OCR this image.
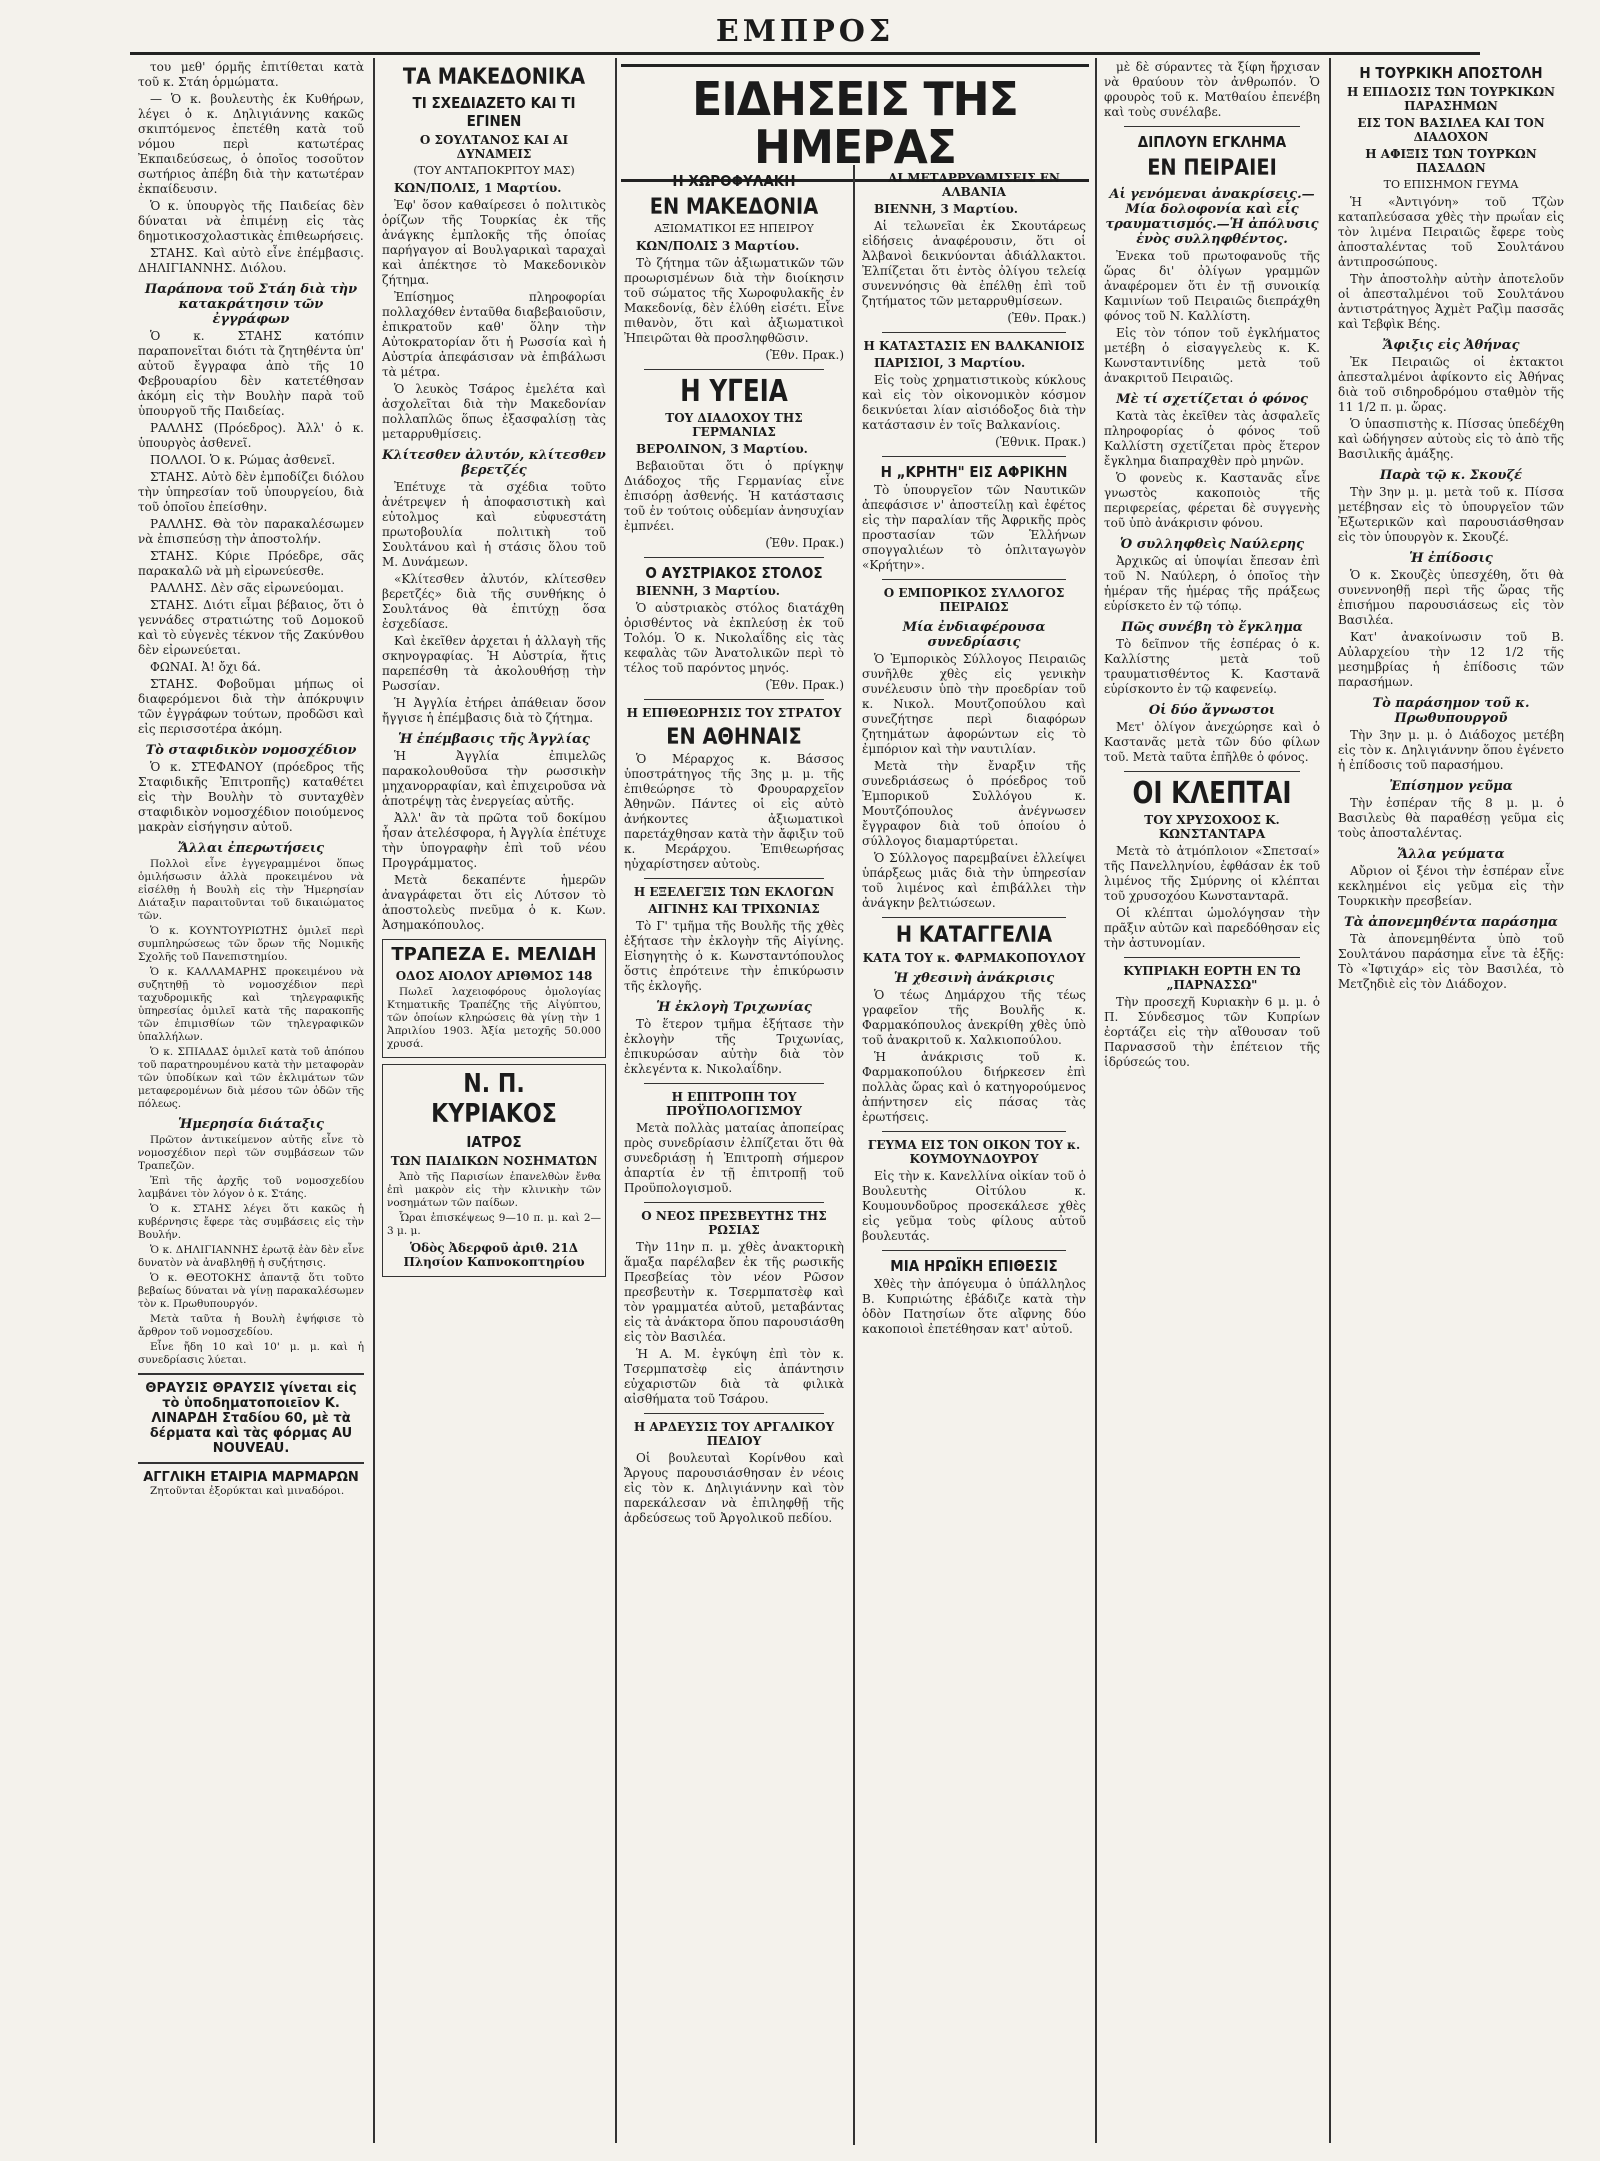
ΕΜΠΡΟΣ
του μεθ' όρμῆς ἐπιτίθεται κατὰ τοῦ κ. Στάη ὁρμώματα.
— Ὁ κ. βουλευτὴς ἐκ Κυθήρων, λέγει ὁ κ. Δηλιγιάννης κακῶς σκιπτόμενος ἐπετέθη κατὰ τοῦ νόμου περὶ κατωτέρας Ἐκπαιδεύσεως, ὁ ὁποῖος τοσοῦτον σωτήριος ἀπέβη διὰ τὴν κατωτέραν ἐκπαίδευσιν.
Ὁ κ. ὑπουργὸς τῆς Παιδείας δὲν δύναται νὰ ἐπιμένῃ εἰς τὰς δημοτικοσχολαστικὰς ἐπιθεωρήσεις.
ΣΤΑΗΣ. Καὶ αὐτὸ εἶνε ἐπέμβασις. ΔΗΛΙΓΙΑΝΝΗΣ. Διόλου.
Παράπονα τοῦ Στάη διὰ τὴν κατακράτησιν τῶν ἐγγράφων
Ὁ κ. ΣΤΑΗΣ κατόπιν παραπονεῖται διότι τὰ ζητηθέντα ὑπ' αὐτοῦ ἔγγραφα ἀπὸ τῆς 10 Φεβρουαρίου δὲν κατετέθησαν ἀκόμη εἰς τὴν Βουλὴν παρὰ τοῦ ὑπουργοῦ τῆς Παιδείας.
ΡΑΛΛΗΣ (Πρόεδρος). Ἀλλ' ὁ κ. ὑπουργὸς ἀσθενεῖ.
ΠΟΛΛΟΙ. Ὁ κ. Ρώμας ἀσθενεῖ.
ΣΤΑΗΣ. Αὐτὸ δὲν ἐμποδίζει διόλου τὴν ὑπηρεσίαν τοῦ ὑπουργείου, διὰ τοῦ ὁποῖου ἐπείσθην.
ΡΑΛΛΗΣ. Θὰ τὸν παρακαλέσωμεν νὰ ἐπισπεύσῃ τὴν ἀποστολήν.
ΣΤΑΗΣ. Κύριε Πρόεδρε, σᾶς παρακαλῶ νὰ μὴ εἰρωνεύεσθε.
ΡΑΛΛΗΣ. Δὲν σᾶς εἰρωνεύομαι.
ΣΤΑΗΣ. Διότι εἶμαι βέβαιος, ὅτι ὁ γεννάδες στρατιώτης τοῦ Δομοκοῦ καὶ τὸ εὐγενὲς τέκνον τῆς Ζακύνθου δὲν εἰρωνεύεται.
ΦΩΝΑΙ. Ἀ! ὄχι δά.
ΣΤΑΗΣ. Φοβοῦμαι μήπως οἱ διαφερόμενοι διὰ τὴν ἀπόκρυψιν τῶν ἐγγράφων τούτων, προδῶσι καὶ εἰς περισσοτέρα ἀκόμη.
Τὸ σταφιδικὸν νομοσχέδιον
Ὁ κ. ΣΤΕΦΑΝΟΥ (πρόεδρος τῆς Σταφιδικῆς Ἐπιτροπῆς) καταθέτει εἰς τὴν Βουλὴν τὸ συνταχθὲν σταφιδικὸν νομοσχέδιον ποιούμενος μακρὰν εἰσήγησιν αὐτοῦ.
Ἄλλαι ἐπερωτήσεις
Πολλοὶ εἶνε ἐγγεγραμμένοι ὅπως ὁμιλήσωσιν ἀλλὰ προκειμένου νὰ εἰσέλθῃ ἡ Βουλὴ εἰς τὴν Ἡμερησίαν Διάταξιν παραιτοῦνται τοῦ δικαιώματος τῶν.
Ὁ κ. ΚΟΥΝΤΟΥΡΙΩΤΗΣ ὁμιλεῖ περὶ συμπληρώσεως τῶν ὅρων τῆς Νομικῆς Σχολῆς τοῦ Πανεπιστημίου.
Ὁ κ. ΚΑΛΛΑΜΑΡΗΣ προκειμένου νὰ συζητηθῇ τὸ νομοσχέδιον περὶ ταχυδρομικῆς καὶ τηλεγραφικῆς ὑπηρεσίας ὁμιλεῖ κατὰ τῆς παρακοπῆς τῶν ἐπιμισθίων τῶν τηλεγραφικῶν ὑπαλλήλων.
Ὁ κ. ΣΠΙΑΔΑΣ ὁμιλεῖ κατὰ τοῦ ἀπόπου τοῦ παρατηρουμένου κατὰ τὴν μεταφορὰν τῶν ὑποδίκων καὶ τῶν ἐκλιμάτων τῶν μεταφερομένων διὰ μέσου τῶν ὁδῶν τῆς πόλεως.
Ἡμερησία διάταξις
Πρῶτον ἀντικείμενον αὐτῆς εἶνε τὸ νομοσχέδιον περὶ τῶν συμβάσεων τῶν Τραπεζῶν.
Ἐπὶ τῆς ἀρχῆς τοῦ νομοσχεδίου λαμβάνει τὸν λόγον ὁ κ. Στάης.
Ὁ κ. ΣΤΑΗΣ λέγει ὅτι κακῶς ἡ κυβέρνησις ἔφερε τὰς συμβάσεις εἰς τὴν Βουλήν.
Ὁ κ. ΔΗΛΙΓΙΑΝΝΗΣ ἐρωτᾷ ἐὰν δὲν εἶνε δυνατὸν νὰ ἀναβληθῇ ἡ συζήτησις.
Ὁ κ. ΘΕΟΤΟΚΗΣ ἀπαντᾷ ὅτι τοῦτο βεβαίως δύναται νὰ γίνῃ παρακαλέσωμεν τὸν κ. Πρωθυπουργόν.
Μετὰ ταῦτα ἡ Βουλὴ ἐψήφισε τὸ ἄρθρον τοῦ νομοσχεδίου.
Εἶνε ἤδη 10 καὶ 10' μ. μ. καὶ ἡ συνεδρίασις λύεται.
ΘΡΑΥΣΙΣ ΘΡΑΥΣΙΣ γίνεται εἰς τὸ ὑποδηματοποιεῖον Κ. ΛΙΝΑΡΔΗ Σταδίου 60, μὲ τὰ δέρματα καὶ τὰς φόρμας AU NOUVEAU.
ΑΓΓΛΙΚΗ ΕΤΑΙΡΙΑ ΜΑΡΜΑΡΩΝ
Ζητοῦνται ἐξορύκται καὶ μιναδόροι.
ΤΑ ΜΑΚΕΔΟΝΙΚΑ
ΤΙ ΣΧΕΔΙΑΖΕΤΟ ΚΑΙ ΤΙ ΕΓΙΝΕΝ
Ο ΣΟΥΛΤΑΝΟΣ ΚΑΙ ΑΙ ΔΥΝΑΜΕΙΣ
(ΤΟΥ ΑΝΤΑΠΟΚΡΙΤΟΥ ΜΑΣ)
ΚΩΝ/ΠΟΛΙΣ, 1 Μαρτίου.
Ἐφ' ὅσον καθαίρεσει ὁ πολιτικὸς ὁρίζων τῆς Τουρκίας ἐκ τῆς ἀνάγκης ἐμπλοκῆς τῆς ὁποίας παρήγαγον αἱ Βουλγαρικαὶ ταραχαὶ καὶ ἀπέκτησε τὸ Μακεδονικὸν ζήτημα.
Ἐπίσημος πληροφορίαι πολλαχόθεν ἐνταῦθα διαβεβαιοῦσιν, ἐπικρατοῦν καθ' ὅλην τὴν Αὐτοκρατορίαν ὅτι ἡ Ρωσσία καὶ ἡ Αὐστρία ἀπεφάσισαν νὰ ἐπιβάλωσι τὰ μέτρα.
Ὁ λευκὸς Τσάρος ἐμελέτα καὶ ἀσχολεῖται διὰ τὴν Μακεδονίαν πολλαπλῶς ὅπως ἐξασφαλίσῃ τὰς μεταρρυθμίσεις.
Κλίτεσθεν ἀλυτόν, κλίτεσθεν βερετζές
Ἐπέτυχε τὰ σχέδια τοῦτο ἀνέτρεψεν ἡ ἀποφασιστικὴ καὶ εὐτολμος καὶ εὐφυεστάτη πρωτοβουλία πολιτικὴ τοῦ Σουλτάνου καὶ ἡ στάσις ὅλου τοῦ Μ. Δυνάμεων.
«Κλίτεσθεν ἀλυτόν, κλίτεσθεν βερετζές» διὰ τῆς συνθήκης ὁ Σουλτάνος θὰ ἐπιτύχῃ ὅσα ἐσχεδίασε.
Καὶ ἐκεῖθεν ἀρχεται ἡ ἀλλαγὴ τῆς σκηνογραφίας. Ἡ Αὐστρία, ἥτις παρεπέσθη τὰ ἀκολουθήσῃ τὴν Ρωσσίαν.
Ἡ Ἀγγλία ἐτήρει ἀπάθειαν ὅσον ἤγγισε ἡ ἐπέμβασις διὰ τὸ ζήτημα.
Ἡ ἐπέμβασις τῆς Ἀγγλίας
Ἡ Ἀγγλία ἐπιμελῶς παρακολουθοῦσα τὴν ρωσσικὴν μηχανορραφίαν, καὶ ἐπιχειροῦσα νὰ ἀποτρέψῃ τὰς ἐνεργείας αὐτῆς.
Ἀλλ' ἂν τὰ πρῶτα τοῦ δοκίμου ἦσαν ἀτελέσφορα, ἡ Ἀγγλία ἐπέτυχε τὴν ὑπογραφὴν ἐπὶ τοῦ νέου Προγράμματος.
Μετὰ δεκαπέντε ἡμερῶν ἀναγράφεται ὅτι εἰς Λύτσον τὸ ἀποστολεὺς πνεῦμα ὁ κ. Κων. Ἀσημακόπουλος.
ΤΡΑΠΕΖΑ Ε. ΜΕΛΙΔΗ
ΟΔΟΣ ΑΙΟΛΟΥ ΑΡΙΘΜΟΣ 148
Πωλεῖ λαχειοφόρους ὁμολογίας Κτηματικῆς Τραπέζης τῆς Αἰγύπτου, τῶν ὁποίων κληρώσεις θὰ γίνῃ τὴν 1 Ἀπριλίου 1903. Ἀξία μετοχῆς 50.000 χρυσά.
Ν. Π. ΚΥΡΙΑΚΟΣ
ΙΑΤΡΟΣ
ΤΩΝ ΠΑΙΔΙΚΩΝ ΝΟΣΗΜΑΤΩΝ
Ἀπὸ τῆς Παρισίων ἐπανελθὼν ἔνθα ἐπὶ μακρὸν εἰς τὴν κλινικὴν τῶν νοσημάτων τῶν παίδων.
Ὧραι ἐπισκέψεως 9—10 π. μ. καὶ 2—3 μ. μ.
Ὁδὸς Ἀδερφοῦ ἀριθ. 21Δ Πλησίον Καπνοκοπτηρίου
ΕΙΔΗΣΕΙΣ ΤΗΣ ΗΜΕΡΑΣ
Η ΧΩΡΟΦΥΛΑΚΗ
ΕΝ ΜΑΚΕΔΟΝΙΑ
ΑΞΙΩΜΑΤΙΚΟΙ ΕΞ ΗΠΕΙΡΟΥ
ΚΩΝ/ΠΟΛΙΣ 3 Μαρτίου.
Τὸ ζήτημα τῶν ἀξιωματικῶν τῶν προωρισμένων διὰ τὴν διοίκησιν τοῦ σώματος τῆς Χωροφυλακῆς ἐν Μακεδονίᾳ, δὲν ἐλύθη εἰσέτι. Εἶνε πιθανὸν, ὅτι καὶ ἀξιωματικοὶ Ἠπειρῶται θὰ προσληφθῶσιν.
(Ἐθν. Πρακ.)
Η ΥΓΕΙΑ
ΤΟΥ ΔΙΑΔΟΧΟΥ ΤΗΣ ΓΕΡΜΑΝΙΑΣ
ΒΕΡΟΛΙΝΟΝ, 3 Μαρτίου.
Βεβαιοῦται ὅτι ὁ πρίγκηψ Διάδοχος τῆς Γερμανίας εἶνε ἐπισόρῃ ἀσθενής. Ἡ κατάστασις τοῦ ἐν τούτοις οὐδεμίαν ἀνησυχίαν ἐμπνέει.
(Ἐθν. Πρακ.)
Ο ΑΥΣΤΡΙΑΚΟΣ ΣΤΟΛΟΣ
ΒΙΕΝΝΗ, 3 Μαρτίου.
Ὁ αὐστριακὸς στόλος διατάχθη ὀρισθέντος νὰ ἐκπλεύσῃ ἐκ τοῦ Τολόμ. Ὁ κ. Νικολαΐδης εἰς τὰς κεφαλὰς τῶν Ἀνατολικῶν περὶ τὸ τέλος τοῦ παρόντος μηνός.
(Ἐθν. Πρακ.)
Η ΕΠΙΘΕΩΡΗΣΙΣ ΤΟΥ ΣΤΡΑΤΟΥ
ΕΝ ΑΘΗΝΑΙΣ
Ὁ Μέραρχος κ. Βάσσος ὑποστράτηγος τῆς 3ης μ. μ. τῆς ἐπιθεώρησε τὸ Φρουραρχεῖον Ἀθηνῶν. Πάντες οἱ εἰς αὐτὸ ἀνήκοντες ἀξιωματικοὶ παρετάχθησαν κατὰ τὴν ἄφιξιν τοῦ κ. Μεράρχου. Ἐπιθεωρήσας ηὐχαρίστησεν αὐτοὺς.
Η ΕΞΕΛΕΓΞΙΣ ΤΩΝ ΕΚΛΟΓΩΝ
ΑΙΓΙΝΗΣ ΚΑΙ ΤΡΙΧΩΝΙΑΣ
Τὸ Γ' τμῆμα τῆς Βουλῆς τῆς χθὲς ἐξήτασε τὴν ἐκλογὴν τῆς Αἰγίνης. Εἰσηγητὴς ὁ κ. Κωνσταντόπουλος ὅστις ἐπρότεινε τὴν ἐπικύρωσιν τῆς ἐκλογῆς.
Ἡ ἐκλογὴ Τριχωνίας
Τὸ ἕτερον τμῆμα ἐξήτασε τὴν ἐκλογὴν τῆς Τριχωνίας, ἐπικυρώσαν αὐτὴν διὰ τὸν ἐκλεγέντα κ. Νικολαΐδην.
Η ΕΠΙΤΡΟΠΗ ΤΟΥ ΠΡΟΫΠΟΛΟΓΙΣΜΟΥ
Μετὰ πολλὰς ματαίας ἀποπείρας πρὸς συνεδρίασιν ἐλπίζεται ὅτι θὰ συνεδριάσῃ ἡ Ἐπιτροπὴ σήμερον ἀπαρτία ἐν τῇ ἐπιτροπῇ τοῦ Προϋπολογισμοῦ.
Ο ΝΕΟΣ ΠΡΕΣΒΕΥΤΗΣ ΤΗΣ ΡΩΣΙΑΣ
Τὴν 11ην π. μ. χθὲς ἀνακτορικὴ ἅμαξα παρέλαβεν ἐκ τῆς ρωσικῆς Πρεσβείας τὸν νέον Ρῶσον πρεσβευτὴν κ. Τσερμπατσὲφ καὶ τὸν γραμματέα αὐτοῦ, μεταβάντας εἰς τὰ ἀνάκτορα ὅπου παρουσιάσθη εἰς τὸν Βασιλέα.
Ἡ Α. Μ. ἐγκύψη ἐπὶ τὸν κ. Τσερμπατσὲφ εἰς ἀπάντησιν εὐχαριστῶν διὰ τὰ φιλικὰ αἰσθήματα τοῦ Τσάρου.
Η ΑΡΔΕΥΣΙΣ ΤΟΥ ΑΡΓΑΛΙΚΟΥ ΠΕΔΙΟΥ
Οἱ βουλευταὶ Κορίνθου καὶ Ἄργους παρουσιάσθησαν ἐν νέοις εἰς τὸν κ. Δηλιγιάννην καὶ τὸν παρεκάλεσαν νὰ ἐπιληφθῇ τῆς ἀρδεύσεως τοῦ Ἀργολικοῦ πεδίου.
ΑΙ ΜΕΤΑΡΡΥΘΜΙΣΕΙΣ ΕΝ ΑΛΒΑΝΙΑ
ΒΙΕΝΝΗ, 3 Μαρτίου.
Αἱ τελωνεῖαι ἐκ Σκουτάρεως εἰδήσεις ἀναφέρουσιν, ὅτι οἱ Ἀλβανοὶ δεικνύονται ἀδιάλλακτοι. Ἐλπίζεται ὅτι ἐντὸς ὀλίγου τελείᾳ συνεννόησις θὰ ἐπέλθῃ ἐπὶ τοῦ ζητήματος τῶν μεταρρυθμίσεων.
(Ἐθν. Πρακ.)
Η ΚΑΤΑΣΤΑΣΙΣ ΕΝ ΒΑΛΚΑΝΙΟΙΣ
ΠΑΡΙΣΙΟΙ, 3 Μαρτίου.
Εἰς τοὺς χρηματιστικοὺς κύκλους καὶ εἰς τὸν οἰκονομικὸν κόσμον δεικνύεται λίαν αἰσιόδοξος διὰ τὴν κατάστασιν ἐν τοῖς Βαλκανίοις.
(Ἐθνικ. Πρακ.)
Η „ΚΡΗΤΗ" ΕΙΣ ΑΦΡΙΚΗΝ
Τὸ ὑπουργεῖον τῶν Ναυτικῶν ἀπεφάσισε ν' ἀποστείλῃ καὶ ἐφέτος εἰς τὴν παραλίαν τῆς Ἀφρικῆς πρὸς προστασίαν τῶν Ἑλλήνων σπογγαλιέων τὸ ὁπλιταγωγὸν «Κρήτην».
Ο ΕΜΠΟΡΙΚΟΣ ΣΥΛΛΟΓΟΣ ΠΕΙΡΑΙΩΣ
Μία ἐνδιαφέρουσα συνεδρίασις
Ὁ Ἐμπορικὸς Σύλλογος Πειραιῶς συνῆλθε χθὲς εἰς γενικὴν συνέλευσιν ὑπὸ τὴν προεδρίαν τοῦ κ. Νικολ. Μουτζοπούλου καὶ συνεζήτησε περὶ διαφόρων ζητημάτων ἀφορώντων εἰς τὸ ἐμπόριον καὶ τὴν ναυτιλίαν.
Μετὰ τὴν ἔναρξιν τῆς συνεδριάσεως ὁ πρόεδρος τοῦ Ἐμπορικοῦ Συλλόγου κ. Μουτζόπουλος ἀνέγνωσεν ἔγγραφον διὰ τοῦ ὁποίου ὁ σύλλογος διαμαρτύρεται.
Ὁ Σύλλογος παρεμβαίνει ἐλλείψει ὑπάρξεως μιᾶς διὰ τὴν ὑπηρεσίαν τοῦ λιμένος καὶ ἐπιβάλλει τὴν ἀνάγκην βελτιώσεων.
Η ΚΑΤΑΓΓΕΛΙΑ
ΚΑΤΑ ΤΟΥ κ. ΦΑΡΜΑΚΟΠΟΥΛΟΥ
Ἡ χθεσινὴ ἀνάκρισις
Ὁ τέως Δημάρχου τῆς τέως γραφεῖον τῆς Βουλῆς κ. Φαρμακόπουλος ἀνεκρίθη χθὲς ὑπὸ τοῦ ἀνακριτοῦ κ. Χαλκιοπούλου.
Ἡ ἀνάκρισις τοῦ κ. Φαρμακοπούλου διήρκεσεν ἐπὶ πολλὰς ὥρας καὶ ὁ κατηγορούμενος ἀπήντησεν εἰς πάσας τὰς ἐρωτήσεις.
ΓΕΥΜΑ ΕΙΣ ΤΟΝ ΟΙΚΟΝ ΤΟΥ κ. ΚΟΥΜΟΥΝΔΟΥΡΟΥ
Εἰς τὴν κ. Κανελλίνα οἰκίαν τοῦ ὁ Βουλευτὴς Οἰτύλου κ. Κουμουνδοῦρος προσεκάλεσε χθὲς εἰς γεῦμα τοὺς φίλους αὐτοῦ βουλευτάς.
ΜΙΑ ΗΡΩΪΚΗ ΕΠΙΘΕΣΙΣ
Χθὲς τὴν ἀπόγευμα ὁ ὑπάλληλος Β. Κυπριώτης ἐβάδιζε κατὰ τὴν ὁδὸν Πατησίων ὅτε αἴφνης δύο κακοποιοὶ ἐπετέθησαν κατ' αὐτοῦ.
μὲ δὲ σύραντες τὰ ξίφη ἤρχισαν νὰ θραύουν τὸν ἀνθρωπόν. Ὁ φρουρὸς τοῦ κ. Ματθαίου ἐπενέβη καὶ τοὺς συνέλαβε.
ΔΙΠΛΟΥΝ ΕΓΚΛΗΜΑ
ΕΝ ΠΕΙΡΑΙΕΙ
Αἱ γενόμεναι ἀνακρίσεις.—Μία δολοφονία καὶ εἷς τραυματισμός.—Ἡ ἀπόλυσις ἑνὸς συλληφθέντος.
Ἐνεκα τοῦ πρωτοφανοῦς τῆς ὥρας δι' ὀλίγων γραμμῶν ἀναφέρομεν ὅτι ἐν τῇ συνοικίᾳ Καμινίων τοῦ Πειραιῶς διεπράχθη φόνος τοῦ Ν. Καλλίστη.
Εἰς τὸν τόπον τοῦ ἐγκλήματος μετέβη ὁ εἰσαγγελεὺς κ. Κ. Κωνσταντινίδης μετὰ τοῦ ἀνακριτοῦ Πειραιῶς.
Μὲ τί σχετίζεται ὁ φόνος
Κατὰ τὰς ἐκεῖθεν τὰς ἀσφαλεῖς πληροφορίας ὁ φόνος τοῦ Καλλίστη σχετίζεται πρὸς ἕτερον ἔγκλημα διαπραχθὲν πρὸ μηνῶν.
Ὁ φονεὺς κ. Καστανᾶς εἶνε γνωστὸς κακοποιὸς τῆς περιφερείας, φέρεται δὲ συγγενὴς τοῦ ὑπὸ ἀνάκρισιν φόνου.
Ὁ συλληφθεὶς Ναύλερης
Ἀρχικῶς αἱ ὑποψίαι ἔπεσαν ἐπὶ τοῦ Ν. Ναύλερη, ὁ ὁποῖος τὴν ἡμέραν τῆς ἡμέρας τῆς πράξεως εὑρίσκετο ἐν τῷ τόπῳ.
Πῶς συνέβη τὸ ἔγκλημα
Τὸ δεῖπνον τῆς ἑσπέρας ὁ κ. Καλλίστης μετὰ τοῦ τραυματισθέντος Κ. Καστανᾶ εὑρίσκοντο ἐν τῷ καφενείῳ.
Οἱ δύο ἄγνωστοι
Μετ' ὀλίγον ἀνεχώρησε καὶ ὁ Καστανᾶς μετὰ τῶν δύο φίλων τοῦ. Μετὰ ταῦτα ἐπῆλθε ὁ φόνος.
ΟΙ ΚΛΕΠΤΑΙ
ΤΟΥ ΧΡΥΣΟΧΟΟΣ Κ. ΚΩΝΣΤΑΝΤΑΡΑ
Μετὰ τὸ ἀτμόπλοιον «Σπετσαί» τῆς Πανελληνίου, ἐφθάσαν ἐκ τοῦ λιμένος τῆς Σμύρνης οἱ κλέπται τοῦ χρυσοχόου Κωνστανταρᾶ.
Οἱ κλέπται ὡμολόγησαν τὴν πρᾶξιν αὐτῶν καὶ παρεδόθησαν εἰς τὴν ἀστυνομίαν.
ΚΥΠΡΙΑΚΗ ΕΟΡΤΗ ΕΝ ΤΩ „ΠΑΡΝΑΣΣΩ"
Τὴν προσεχῆ Κυριακὴν 6 μ. μ. ὁ Π. Σύνδεσμος τῶν Κυπρίων ἐορτάζει εἰς τὴν αἴθουσαν τοῦ Παρνασσοῦ τὴν ἐπέτειον τῆς ἱδρύσεώς του.
Η ΤΟΥΡΚΙΚΗ ΑΠΟΣΤΟΛΗ
Η ΕΠΙΔΟΣΙΣ ΤΩΝ ΤΟΥΡΚΙΚΩΝ ΠΑΡΑΣΗΜΩΝ
ΕΙΣ ΤΟΝ ΒΑΣΙΛΕΑ ΚΑΙ ΤΟΝ ΔΙΑΔΟΧΟΝ
Η ΑΦΙΞΙΣ ΤΩΝ ΤΟΥΡΚΩΝ ΠΑΣΑΔΩΝ
ΤΟ ΕΠΙΣΗΜΟΝ ΓΕΥΜΑ
Ἡ «Ἀντιγόνη» τοῦ Τζὼν καταπλεύσασα χθὲς τὴν πρωΐαν εἰς τὸν λιμένα Πειραιῶς ἔφερε τοὺς ἀποσταλέντας τοῦ Σουλτάνου ἀντιπροσώπους.
Τὴν ἀποστολὴν αὐτὴν ἀποτελοῦν οἱ ἀπεσταλμένοι τοῦ Σουλτάνου ἀντιστράτηγος Ἀχμὲτ Ραζὶμ πασσᾶς καὶ Τεβφὶκ Βέης.
Ἄφιξις εἰς Ἀθήνας
Ἐκ Πειραιῶς οἱ ἐκτακτοι ἀπεσταλμένοι ἀφίκοντο εἰς Ἀθήνας διὰ τοῦ σιδηροδρόμου σταθμὸν τῆς 11 1/2 π. μ. ὥρας.
Ὁ ὑπασπιστὴς κ. Πίσσας ὑπεδέχθη καὶ ὡδήγησεν αὐτοὺς εἰς τὸ ἀπὸ τῆς Βασιλικῆς ἁμάξης.
Παρὰ τῷ κ. Σκουζέ
Τὴν 3ην μ. μ. μετὰ τοῦ κ. Πίσσα μετέβησαν εἰς τὸ ὑπουργεῖον τῶν Ἐξωτερικῶν καὶ παρουσιάσθησαν εἰς τὸν ὑπουργὸν κ. Σκουζέ.
Ἡ ἐπίδοσις
Ὁ κ. Σκουζὲς ὑπεσχέθη, ὅτι θὰ συνεννοηθῇ περὶ τῆς ὥρας τῆς ἐπισήμου παρουσιάσεως εἰς τὸν Βασιλέα.
Κατ' ἀνακοίνωσιν τοῦ Β. Αὐλαρχείου τὴν 12 1/2 τῆς μεσημβρίας ἡ ἐπίδοσις τῶν παρασήμων.
Τὸ παράσημον τοῦ κ. Πρωθυπουργοῦ
Τὴν 3ην μ. μ. ὁ Διάδοχος μετέβη εἰς τὸν κ. Δηλιγιάννην ὅπου ἐγένετο ἡ ἐπίδοσις τοῦ παρασήμου.
Ἐπίσημον γεῦμα
Τὴν ἑσπέραν τῆς 8 μ. μ. ὁ Βασιλεὺς θὰ παραθέσῃ γεῦμα εἰς τοὺς ἀποσταλέντας.
Ἄλλα γεύματα
Αὔριον οἱ ξένοι τὴν ἑσπέραν εἶνε κεκλημένοι εἰς γεῦμα εἰς τὴν Τουρκικὴν πρεσβείαν.
Τὰ ἀπονεμηθέντα παράσημα
Τὰ ἀπονεμηθέντα ὑπὸ τοῦ Σουλτάνου παράσημα εἶνε τὰ ἑξῆς: Τὸ «Ἰφτιχάρ» εἰς τὸν Βασιλέα, τὸ Μετζηδιὲ εἰς τὸν Διάδοχον.
